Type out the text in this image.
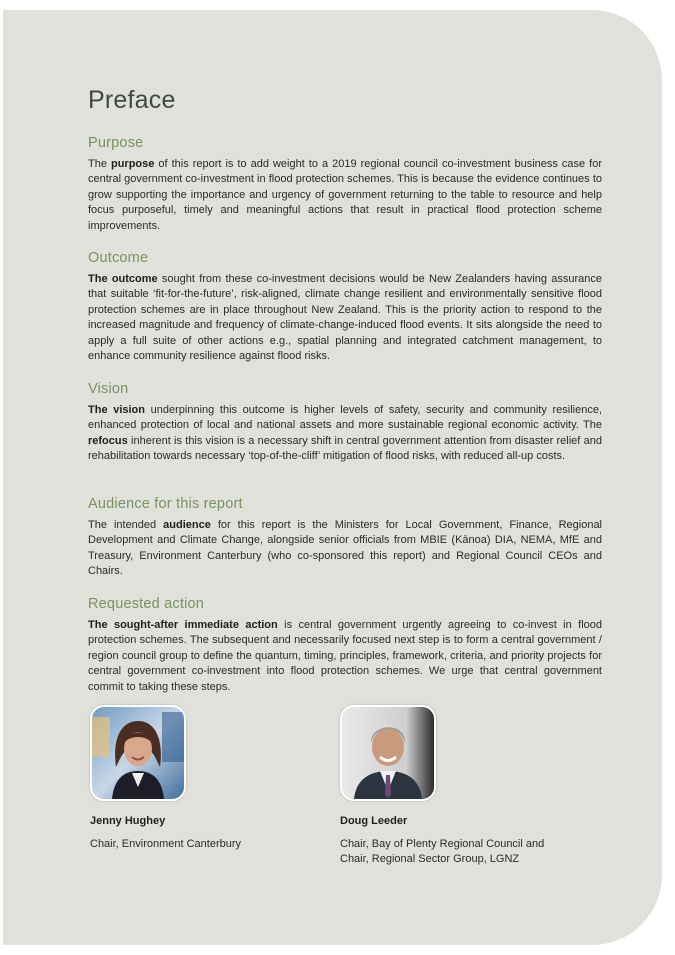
Preface
Purpose

The purpose of this report is to add weight to a 2019 regional council co-investment business case for central government co-investment in flood protection schemes. This is because the evidence continues to grow supporting the importance and urgency of government returning to the table to resource and help focus purposeful, timely and meaningful actions that result in practical flood protection scheme improvements.

Outcome

The outcome sought from these co-investment decisions would be New Zealanders having assurance that suitable ‘fit-for-the-future’, risk-aligned, climate change resilient and environmentally sensitive flood protection schemes are in place throughout New Zealand. This is the priority action to respond to the increased magnitude and frequency of climate-change-induced flood events. It sits alongside the need to apply a full suite of other actions e.g., spatial planning and integrated catchment management, to enhance community resilience against flood risks.

Vision

The vision underpinning this outcome is higher levels of safety, security and community resilience, enhanced protection of local and national assets and more sustainable regional economic activity. The refocus inherent is this vision is a necessary shift in central government attention from disaster relief and rehabilitation towards necessary ‘top-of-the-cliff’ mitigation of flood risks, with reduced all-up costs.

Audience for this report

The intended audience for this report is the Ministers for Local Government, Finance, Regional Development and Climate Change, alongside senior officials from MBIE (Kānoa) DIA, NEMA, MfE and Treasury, Environment Canterbury (who co-sponsored this report) and Regional Council CEOs and Chairs.

Requested action

The sought-after immediate action is central government urgently agreeing to co-invest in flood protection schemes. The subsequent and necessarily focused next step is to form a central government / region council group to define the quantum, timing, principles, framework, criteria, and priority projects for central government co-investment into flood protection schemes. We urge that central government commit to taking these steps.

Jenny Hughey
Chair, Environment Canterbury
Doug Leeder
Chair, Bay of Plenty Regional Council and
Chair, Regional Sector Group, LGNZ
